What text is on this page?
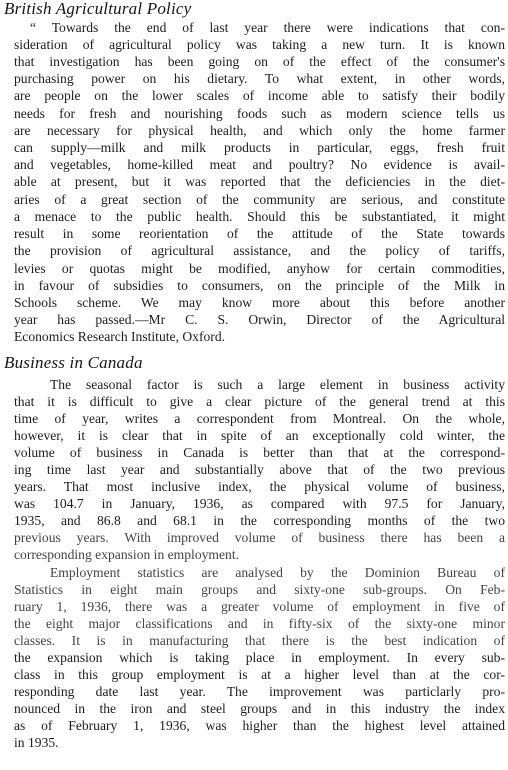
British Agricultural Policy
“ Towards the end of last year there were indications that con-
sideration of agricultural policy was taking a new turn. It is known
that investigation has been going on of the effect of the consumer's
purchasing power on his dietary. To what extent, in other words,
are people on the lower scales of income able to satisfy their bodily
needs for fresh and nourishing foods such as modern science tells us
are necessary for physical health, and which only the home farmer
can supply—milk and milk products in particular, eggs, fresh fruit
and vegetables, home-killed meat and poultry? No evidence is avail-
able at present, but it was reported that the deficiencies in the diet-
aries of a great section of the community are serious, and constitute
a menace to the public health. Should this be substantiated, it might
result in some reorientation of the attitude of the State towards
the provision of agricultural assistance, and the policy of tariffs,
levies or quotas might be modified, anyhow for certain commodities,
in favour of subsidies to consumers, on the principle of the Milk in
Schools scheme. We may know more about this before another
year has passed.—Mr C. S. Orwin, Director of the Agricultural
Economics Research Institute, Oxford.
Business in Canada
The seasonal factor is such a large element in business activity
that it is difficult to give a clear picture of the general trend at this
time of year, writes a correspondent from Montreal. On the whole,
however, it is clear that in spite of an exceptionally cold winter, the
volume of business in Canada is better than that at the correspond-
ing time last year and substantially above that of the two previous
years. That most inclusive index, the physical volume of business,
was 104.7 in January, 1936, as compared with 97.5 for January,
1935, and 86.8 and 68.1 in the corresponding months of the two
previous years. With improved volume of business there has been a
corresponding expansion in employment.
Employment statistics are analysed by the Dominion Bureau of
Statistics in eight main groups and sixty-one sub-groups. On Feb-
ruary 1, 1936, there was a greater volume of employment in five of
the eight major classifications and in fifty-six of the sixty-one minor
classes. It is in manufacturing that there is the best indication of
the expansion which is taking place in employment. In every sub-
class in this group employment is at a higher level than at the cor-
responding date last year. The improvement was particlarly pro-
nounced in the iron and steel groups and in this industry the index
as of February 1, 1936, was higher than the highest level attained
in 1935.
